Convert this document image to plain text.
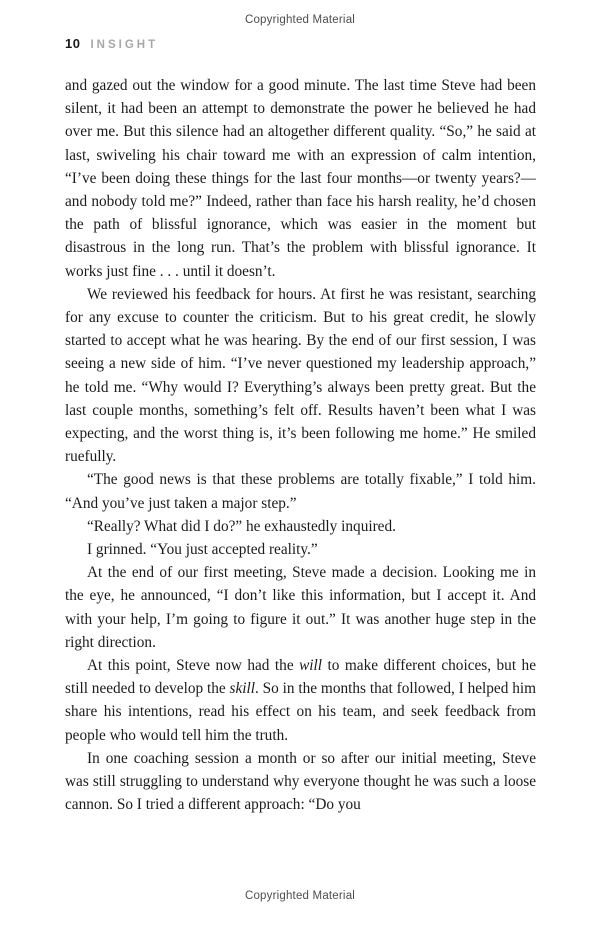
Copyrighted Material
10 INSIGHT

and gazed out the window for a good minute. The last time Steve had been silent, it had been an attempt to demonstrate the power he believed he had over me. But this silence had an altogether different quality. “So,” he said at last, swiveling his chair toward me with an expression of calm intention, “I’ve been doing these things for the last four months—or twenty years?—and nobody told me?” Indeed, rather than face his harsh reality, he’d chosen the path of blissful ignorance, which was easier in the moment but disastrous in the long run. That’s the problem with blissful ignorance. It works just fine . . . until it doesn’t.

We reviewed his feedback for hours. At first he was resistant, searching for any excuse to counter the criticism. But to his great credit, he slowly started to accept what he was hearing. By the end of our first session, I was seeing a new side of him. “I’ve never questioned my leadership approach,” he told me. “Why would I? Everything’s always been pretty great. But the last couple months, something’s felt off. Results haven’t been what I was expecting, and the worst thing is, it’s been following me home.” He smiled ruefully.

“The good news is that these problems are totally fixable,” I told him. “And you’ve just taken a major step.”

“Really? What did I do?” he exhaustedly inquired.

I grinned. “You just accepted reality.”

At the end of our first meeting, Steve made a decision. Looking me in the eye, he announced, “I don’t like this information, but I accept it. And with your help, I’m going to figure it out.” It was another huge step in the right direction.

At this point, Steve now had the will to make different choices, but he still needed to develop the skill. So in the months that followed, I helped him share his intentions, read his effect on his team, and seek feedback from people who would tell him the truth.

In one coaching session a month or so after our initial meeting, Steve was still struggling to understand why everyone thought he was such a loose cannon. So I tried a different approach: “Do you

Copyrighted Material
